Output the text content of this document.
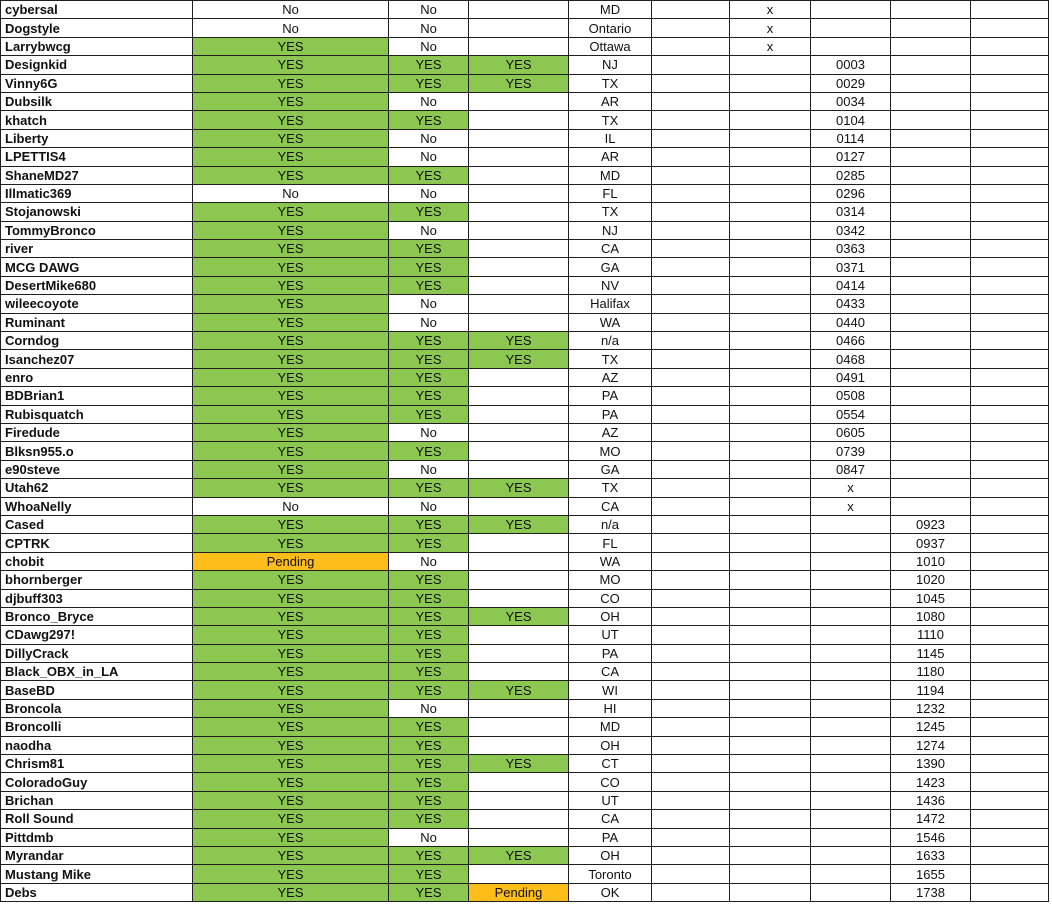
cybersal	No	No		MD		x			
Dogstyle	No	No		Ontario		x			
Larrybwcg	YES	No		Ottawa		x			
Designkid	YES	YES	YES	NJ			0003		
Vinny6G	YES	YES	YES	TX			0029		
Dubsilk	YES	No		AR			0034		
khatch	YES	YES		TX			0104		
Liberty	YES	No		IL			0114		
LPETTIS4	YES	No		AR			0127		
ShaneMD27	YES	YES		MD			0285		
Illmatic369	No	No		FL			0296		
Stojanowski	YES	YES		TX			0314		
TommyBronco	YES	No		NJ			0342		
river	YES	YES		CA			0363		
MCG DAWG	YES	YES		GA			0371		
DesertMike680	YES	YES		NV			0414		
wileecoyote	YES	No		Halifax			0433		
Ruminant	YES	No		WA			0440		
Corndog	YES	YES	YES	n/a			0466		
Isanchez07	YES	YES	YES	TX			0468		
enro	YES	YES		AZ			0491		
BDBrian1	YES	YES		PA			0508		
Rubisquatch	YES	YES		PA			0554		
Firedude	YES	No		AZ			0605		
Blksn955.o	YES	YES		MO			0739		
e90steve	YES	No		GA			0847		
Utah62	YES	YES	YES	TX			x		
WhoaNelly	No	No		CA			x		
Cased	YES	YES	YES	n/a				0923	
CPTRK	YES	YES		FL				0937	
chobit	Pending	No		WA				1010	
bhornberger	YES	YES		MO				1020	
djbuff303	YES	YES		CO				1045	
Bronco_Bryce	YES	YES	YES	OH				1080	
CDawg297!	YES	YES		UT				1110	
DillyCrack	YES	YES		PA				1145	
Black_OBX_in_LA	YES	YES		CA				1180	
BaseBD	YES	YES	YES	WI				1194	
Broncola	YES	No		HI				1232	
Broncolli	YES	YES		MD				1245	
naodha	YES	YES		OH				1274	
Chrism81	YES	YES	YES	CT				1390	
ColoradoGuy	YES	YES		CO				1423	
Brichan	YES	YES		UT				1436	
Roll Sound	YES	YES		CA				1472	
Pittdmb	YES	No		PA				1546	
Myrandar	YES	YES	YES	OH				1633	
Mustang Mike	YES	YES		Toronto				1655	
Debs	YES	YES	Pending	OK				1738	
